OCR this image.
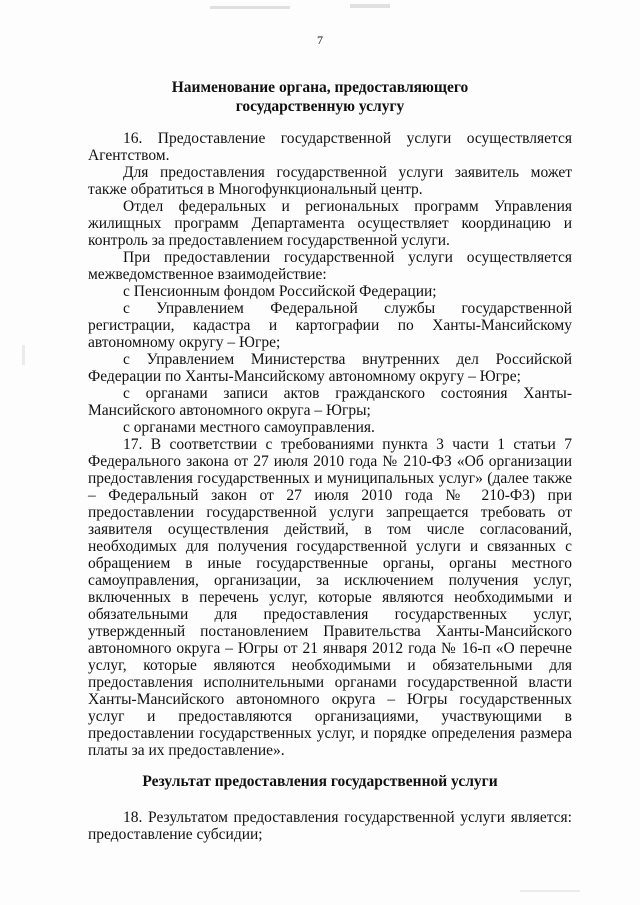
7
Наименование органа, предоставляющего
государственную услугу

16. Предоставление государственной услуги осуществляется Агентством.

Для предоставления государственной услуги заявитель может также обратиться в Многофункциональный центр.

Отдел федеральных и региональных программ Управления жилищных программ Департамента осуществляет координацию и контроль за предоставлением государственной услуги.

При предоставлении государственной услуги осуществляется межведомственное взаимодействие:

с Пенсионным фондом Российской Федерации;

с Управлением Федеральной службы государственной регистрации, кадастра и картографии по Ханты-Мансийскому автономному округу – Югре;

с Управлением Министерства внутренних дел Российской Федерации по Ханты-Мансийскому автономному округу – Югре;

с органами записи актов гражданского состояния Ханты-Мансийского автономного округа – Югры;

с органами местного самоуправления.

17. В соответствии с требованиями пункта 3 части 1 статьи 7 Федерального закона от 27 июля 2010 года № 210-ФЗ «Об организации предоставления государственных и муниципальных услуг» (далее также – Федеральный закон от 27 июля 2010 года № 210-ФЗ) при предоставлении государственной услуги запрещается требовать от заявителя осуществления действий, в том числе согласований, необходимых для получения государственной услуги и связанных с обращением в иные государственные органы, органы местного самоуправления, организации, за исключением получения услуг, включенных в перечень услуг, которые являются необходимыми и обязательными для предоставления государственных услуг, утвержденный постановлением Правительства Ханты-Мансийского автономного округа – Югры от 21 января 2012 года № 16-п «О перечне услуг, которые являются необходимыми и обязательными для предоставления исполнительными органами государственной власти Ханты-Мансийского автономного округа – Югры государственных услуг и предоставляются организациями, участвующими в предоставлении государственных услуг, и порядке определения размера платы за их предоставление».

Результат предоставления государственной услуги

18. Результатом предоставления государственной услуги является: предоставление субсидии;
